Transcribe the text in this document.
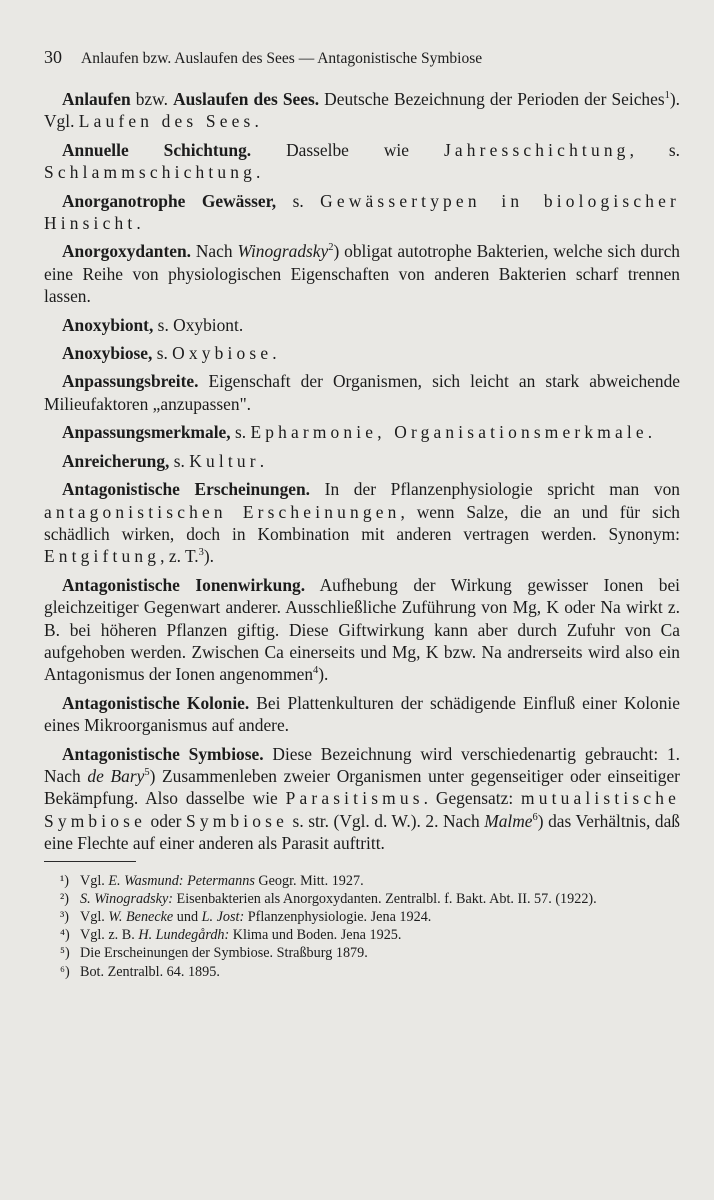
30 Anlaufen bzw. Auslaufen des Sees — Antagonistische Symbiose

Anlaufen bzw. Auslaufen des Sees. Deutsche Bezeichnung der Perioden der Seiches$^1$). Vgl. Laufen des Sees.

Annuelle Schichtung. Dasselbe wie Jahresschichtung, s. Schlammschichtung.

Anorganotrophe Gewässer, s. Gewässertypen in biologischer Hinsicht.

Anorgoxydanten. Nach Winogradsky$^2$) obligat autotrophe Bakterien, welche sich durch eine Reihe von physiologischen Eigenschaften von anderen Bakterien scharf trennen lassen.

Anoxybiont, s. Oxybiont.

Anoxybiose, s. Oxybiose.

Anpassungsbreite. Eigenschaft der Organismen, sich leicht an stark abweichende Milieufaktoren „anzupassen".

Anpassungsmerkmale, s. Epharmonie, Organisationsmerkmale.

Anreicherung, s. Kultur.

Antagonistische Erscheinungen. In der Pflanzenphysiologie spricht man von antagonistischen Erscheinungen, wenn Salze, die an und für sich schädlich wirken, doch in Kombination mit anderen vertragen werden. Synonym: Entgiftung, z. T.$^3$).

Antagonistische Ionenwirkung. Aufhebung der Wirkung gewisser Ionen bei gleichzeitiger Gegenwart anderer. Ausschließliche Zuführung von Mg, K oder Na wirkt z. B. bei höheren Pflanzen giftig. Diese Giftwirkung kann aber durch Zufuhr von Ca aufgehoben werden. Zwischen Ca einerseits und Mg, K bzw. Na andrerseits wird also ein Antagonismus der Ionen angenommen$^4$).

Antagonistische Kolonie. Bei Plattenkulturen der schädigende Einfluß einer Kolonie eines Mikroorganismus auf andere.

Antagonistische Symbiose. Diese Bezeichnung wird verschiedenartig gebraucht: 1. Nach de Bary$^5$) Zusammenleben zweier Organismen unter gegenseitiger oder einseitiger Bekämpfung. Also dasselbe wie Parasitismus. Gegensatz: mutualistische Symbiose oder Symbiose s. str. (Vgl. d. W.). 2. Nach Malme$^6$) das Verhältnis, daß eine Flechte auf einer anderen als Parasit auftritt.

¹) Vgl. E. Wasmund: Petermanns Geogr. Mitt. 1927.

²) S. Winogradsky: Eisenbakterien als Anorgoxydanten. Zentralbl. f. Bakt. Abt. II. 57. (1922).

³) Vgl. W. Benecke und L. Jost: Pflanzenphysiologie. Jena 1924.

⁴) Vgl. z. B. H. Lundegårdh: Klima und Boden. Jena 1925.

⁵) Die Erscheinungen der Symbiose. Straßburg 1879.

⁶) Bot. Zentralbl. 64. 1895.
